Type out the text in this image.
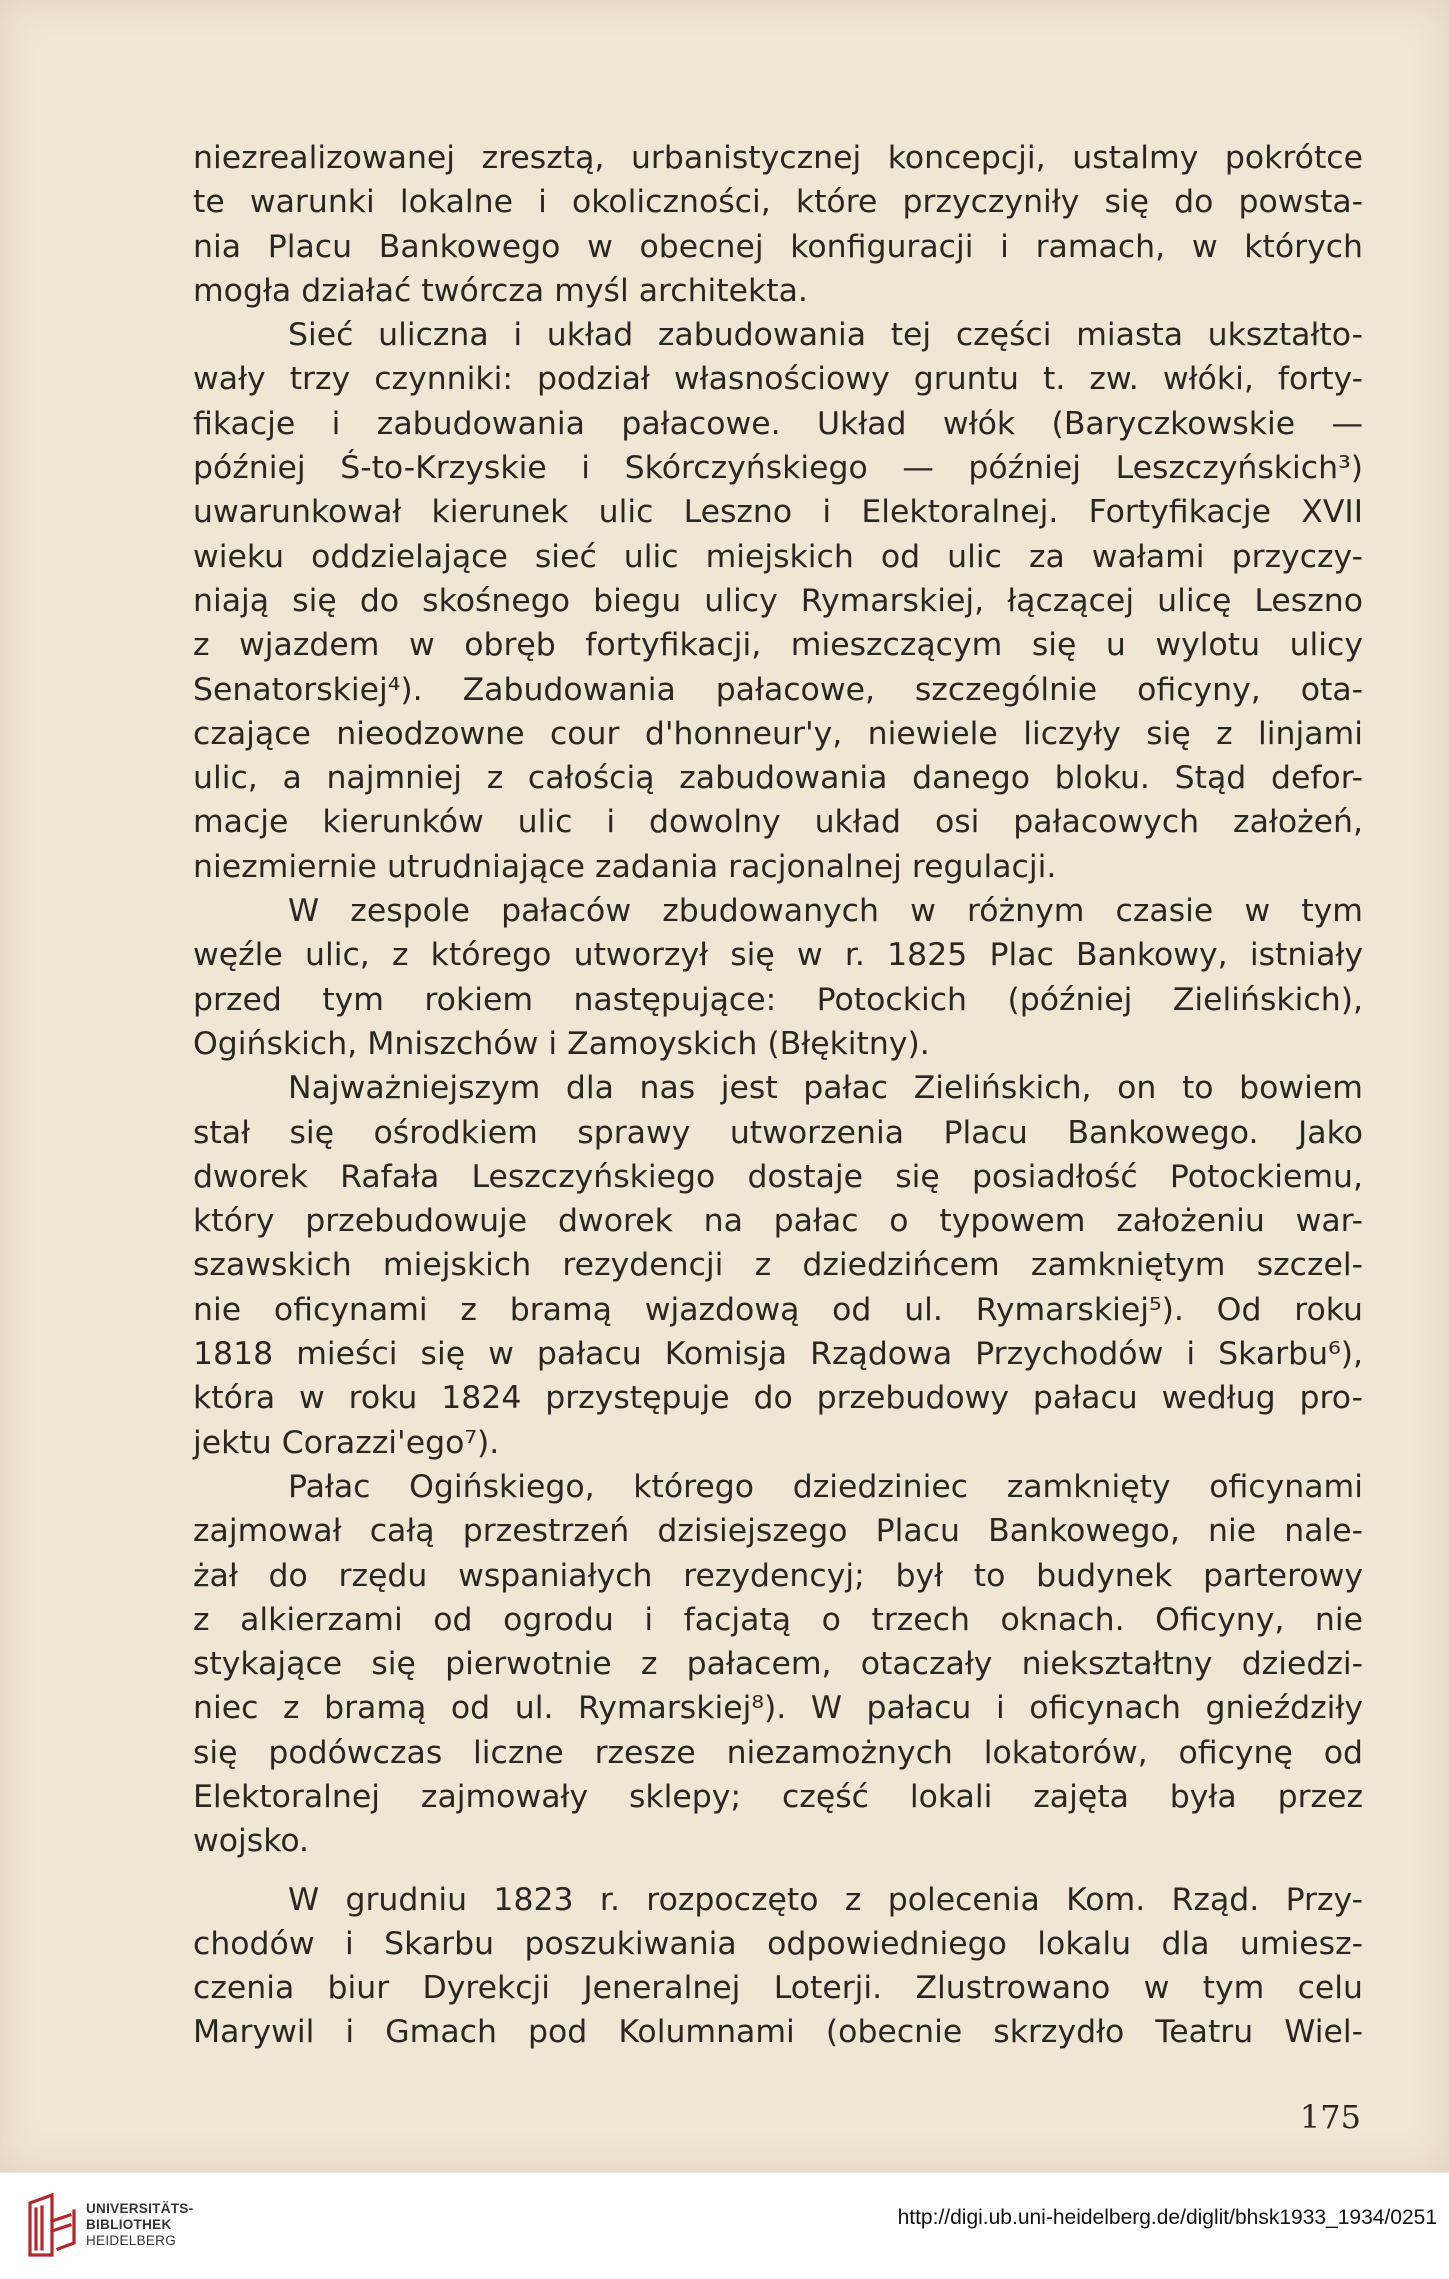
niezrealizowanej zresztą, urbanistycznej koncepcji, ustalmy pokrótce
te warunki lokalne i okoliczności, które przyczyniły się do powsta-
nia Placu Bankowego w obecnej konfiguracji i ramach, w których
mogła działać twórcza myśl architekta.
Sieć uliczna i układ zabudowania tej części miasta ukształto-
wały trzy czynniki: podział własnościowy gruntu t. zw. włóki, forty-
fikacje i zabudowania pałacowe. Układ włók (Baryczkowskie —
później Ś-to-Krzyskie i Skórczyńskiego — później Leszczyńskich³)
uwarunkował kierunek ulic Leszno i Elektoralnej. Fortyfikacje XVII
wieku oddzielające sieć ulic miejskich od ulic za wałami przyczy-
niają się do skośnego biegu ulicy Rymarskiej, łączącej ulicę Leszno
z wjazdem w obręb fortyfikacji, mieszczącym się u wylotu ulicy
Senatorskiej⁴). Zabudowania pałacowe, szczególnie oficyny, ota-
czające nieodzowne cour d'honneur'y, niewiele liczyły się z linjami
ulic, a najmniej z całością zabudowania danego bloku. Stąd defor-
macje kierunków ulic i dowolny układ osi pałacowych założeń,
niezmiernie utrudniające zadania racjonalnej regulacji.
W zespole pałaców zbudowanych w różnym czasie w tym
węźle ulic, z którego utworzył się w r. 1825 Plac Bankowy, istniały
przed tym rokiem następujące: Potockich (później Zielińskich),
Ogińskich, Mniszchów i Zamoyskich (Błękitny).
Najważniejszym dla nas jest pałac Zielińskich, on to bowiem
stał się ośrodkiem sprawy utworzenia Placu Bankowego. Jako
dworek Rafała Leszczyńskiego dostaje się posiadłość Potockiemu,
który przebudowuje dworek na pałac o typowem założeniu war-
szawskich miejskich rezydencji z dziedzińcem zamkniętym szczel-
nie oficynami z bramą wjazdową od ul. Rymarskiej⁵). Od roku
1818 mieści się w pałacu Komisja Rządowa Przychodów i Skarbu⁶),
która w roku 1824 przystępuje do przebudowy pałacu według pro-
jektu Corazzi'ego⁷).
Pałac Ogińskiego, którego dziedziniec zamknięty oficynami
zajmował całą przestrzeń dzisiejszego Placu Bankowego, nie nale-
żał do rzędu wspaniałych rezydencyj; był to budynek parterowy
z alkierzami od ogrodu i facjatą o trzech oknach. Oficyny, nie
stykające się pierwotnie z pałacem, otaczały niekształtny dziedzi-
niec z bramą od ul. Rymarskiej⁸). W pałacu i oficynach gnieździły
się podówczas liczne rzesze niezamożnych lokatorów, oficynę od
Elektoralnej zajmowały sklepy; część lokali zajęta była przez
wojsko.
W grudniu 1823 r. rozpoczęto z polecenia Kom. Rząd. Przy-
chodów i Skarbu poszukiwania odpowiedniego lokalu dla umiesz-
czenia biur Dyrekcji Jeneralnej Loterji. Zlustrowano w tym celu
Marywil i Gmach pod Kolumnami (obecnie skrzydło Teatru Wiel-
175
UNIVERSITÄTS-
BIBLIOTHEK
HEIDELBERG
http://digi.ub.uni-heidelberg.de/diglit/bhsk1933_1934/0251
